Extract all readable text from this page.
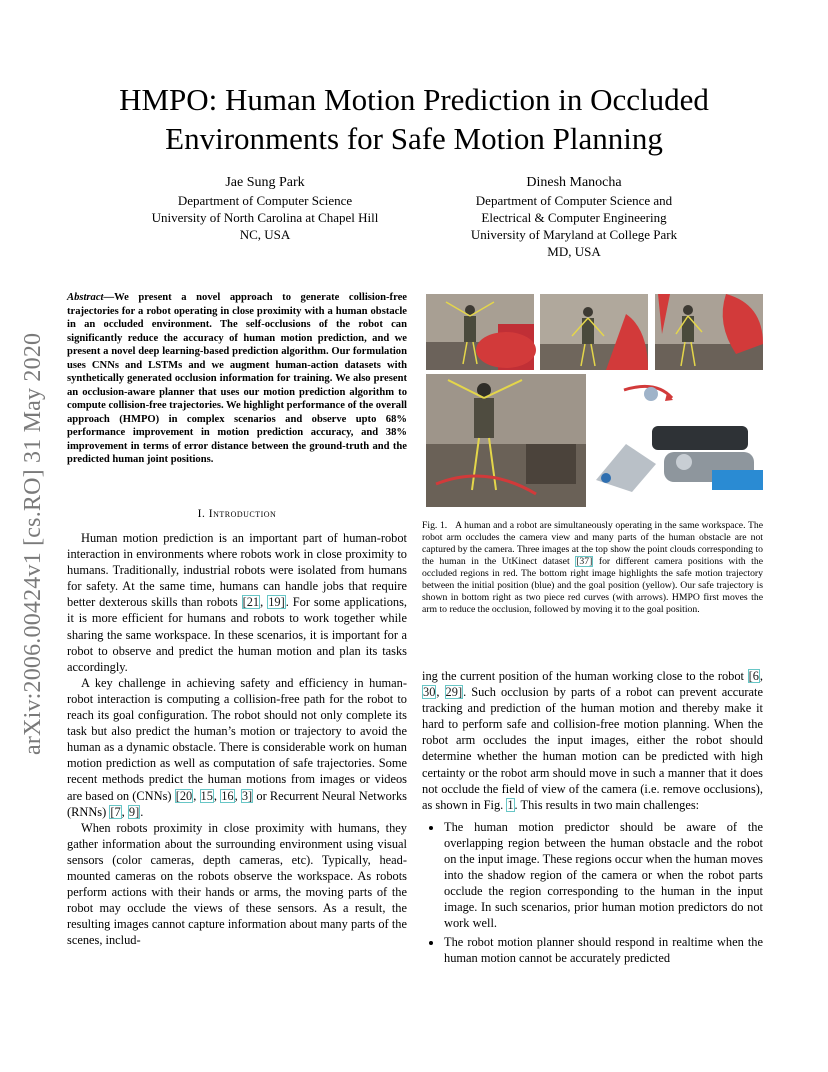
HMPO: Human Motion Prediction in Occluded
Environments for Safe Motion Planning
Jae Sung Park
Department of Computer Science
University of North Carolina at Chapel Hill
NC, USA
Dinesh Manocha
Department of Computer Science and
Electrical & Computer Engineering
University of Maryland at College Park
MD, USA
arXiv:2006.00424v1 [cs.RO] 31 May 2020
Abstract—We present a novel approach to generate collision-free trajectories for a robot operating in close proximity with a human obstacle in an occluded environment. The self-occlusions of the robot can significantly reduce the accuracy of human motion prediction, and we present a novel deep learning-based prediction algorithm. Our formulation uses CNNs and LSTMs and we augment human-action datasets with synthetically generated occlusion information for training. We also present an occlusion-aware planner that uses our motion prediction algorithm to compute collision-free trajectories. We highlight performance of the overall approach (HMPO) in complex scenarios and observe upto 68% performance improvement in motion prediction accuracy, and 38% improvement in terms of error distance between the ground-truth and the predicted human joint positions.
I. Introduction

Human motion prediction is an important part of human-robot interaction in environments where robots work in close proximity to humans. Traditionally, industrial robots were isolated from humans for safety. At the same time, humans can handle jobs that require better dexterous skills than robots [21, 19]. For some applications, it is more efficient for humans and robots to work together while sharing the same workspace. In these scenarios, it is important for a robot to observe and predict the human motion and plan its tasks accordingly.

A key challenge in achieving safety and efficiency in human-robot interaction is computing a collision-free path for the robot to reach its goal configuration. The robot should not only complete its task but also predict the human’s motion or trajectory to avoid the human as a dynamic obstacle. There is considerable work on human motion prediction as well as computation of safe trajectories. Some recent methods predict the human motions from images or videos are based on (CNNs) [20, 15, 16, 3] or Recurrent Neural Networks (RNNs) [7, 9].

When robots proximity in close proximity with humans, they gather information about the surrounding environment using visual sensors (color cameras, depth cameras, etc). Typically, head-mounted cameras on the robots observe the workspace. As robots perform actions with their hands or arms, the moving parts of the robot may occlude the views of these sensors. As a result, the resulting images cannot capture information about many parts of the scenes, includ-

Fig. 1. A human and a robot are simultaneously operating in the same workspace. The robot arm occludes the camera view and many parts of the human obstacle are not captured by the camera. Three images at the top show the point clouds corresponding to the human in the UtKinect dataset [37] for different camera positions with the occluded regions in red. The bottom right image highlights the safe motion trajectory between the initial position (blue) and the goal position (yellow). Our safe trajectory is shown in bottom right as two piece red curves (with arrows). HMPO first moves the arm to reduce the occlusion, followed by moving it to the goal position.

ing the current position of the human working close to the robot [6, 30, 29]. Such occlusion by parts of a robot can prevent accurate tracking and prediction of the human motion and thereby make it hard to perform safe and collision-free motion planning. When the robot arm occludes the input images, either the robot should determine whether the human motion can be predicted with high certainty or the robot arm should move in such a manner that it does not occlude the field of view of the camera (i.e. remove occlusions), as shown in Fig. 1. This results in two main challenges:

The human motion predictor should be aware of the overlapping region between the human obstacle and the robot on the input image. These regions occur when the human moves into the shadow region of the camera or when the robot parts occlude the region corresponding to the human in the input image. In such scenarios, prior human motion predictors do not work well.
The robot motion planner should respond in realtime when the human motion cannot be accurately predicted
